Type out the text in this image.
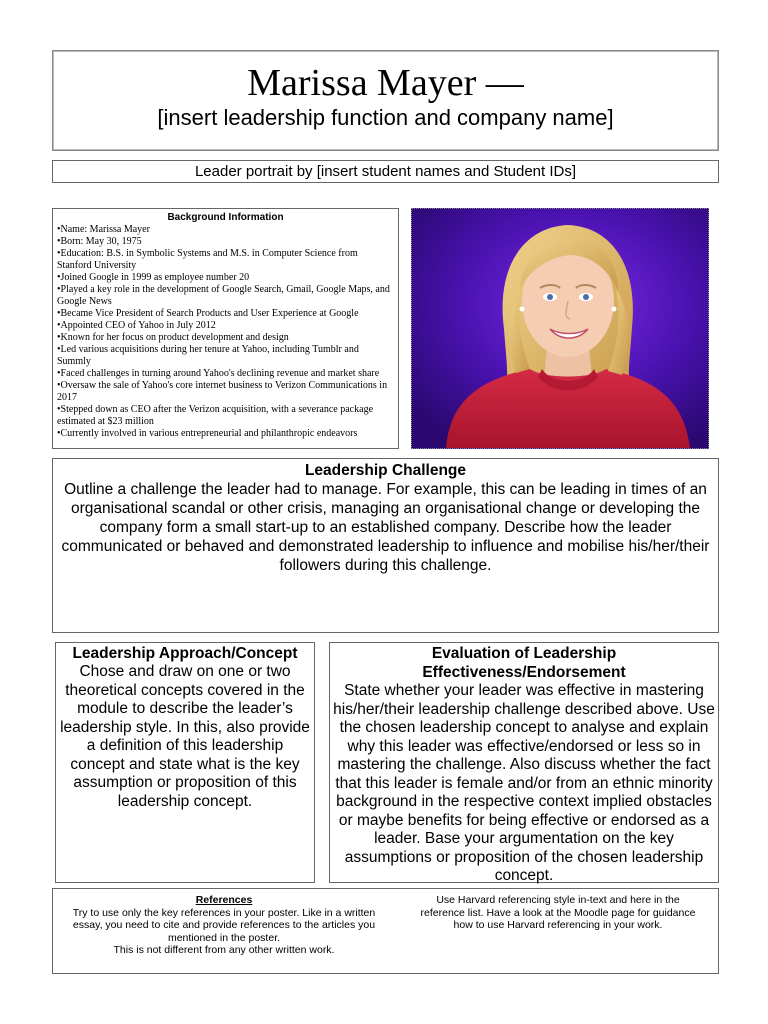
Marissa Mayer —
[insert leadership function and company name]
Leader portrait by [insert student names and Student IDs]
Background Information
• Name: Marissa Mayer
• Born: May 30, 1975
• Education: B.S. in Symbolic Systems and M.S. in Computer Science from Stanford University
• Joined Google in 1999 as employee number 20
• Played a key role in the development of Google Search, Gmail, Google Maps, and Google News
• Became Vice President of Search Products and User Experience at Google
• Appointed CEO of Yahoo in July 2012
• Known for her focus on product development and design
• Led various acquisitions during her tenure at Yahoo, including Tumblr and Summly
• Faced challenges in turning around Yahoo's declining revenue and market share
• Oversaw the sale of Yahoo's core internet business to Verizon Communications in 2017
• Stepped down as CEO after the Verizon acquisition, with a severance package estimated at $23 million
• Currently involved in various entrepreneurial and philanthropic endeavors
Leadership Challenge
Outline a challenge the leader had to manage. For example, this can be leading in times of an organisational scandal or other crisis, managing an organisational change or developing the company form a small start-up to an established company. Describe how the leader communicated or behaved and demonstrated leadership to influence and mobilise his/her/their followers during this challenge.
Leadership Approach/Concept
Chose and draw on one or two theoretical concepts covered in the module to describe the leader’s leadership style. In this, also provide a definition of this leadership concept and state what is the key assumption or proposition of this leadership concept.
Evaluation of Leadership Effectiveness/Endorsement
State whether your leader was effective in mastering his/her/their leadership challenge described above. Use the chosen leadership concept to analyse and explain why this leader was effective/endorsed or less so in mastering the challenge. Also discuss whether the fact that this leader is female and/or from an ethnic minority background in the respective context implied obstacles or maybe benefits for being effective or endorsed as a leader. Base your argumentation on the key assumptions or proposition of the chosen leadership concept.
References
Try to use only the key references in your poster. Like in a written essay, you need to cite and provide references to the articles you mentioned in the poster.
This is not different from any other written work.
Use Harvard referencing style in-text and here in the reference list. Have a look at the Moodle page for guidance how to use Harvard referencing in your work.
